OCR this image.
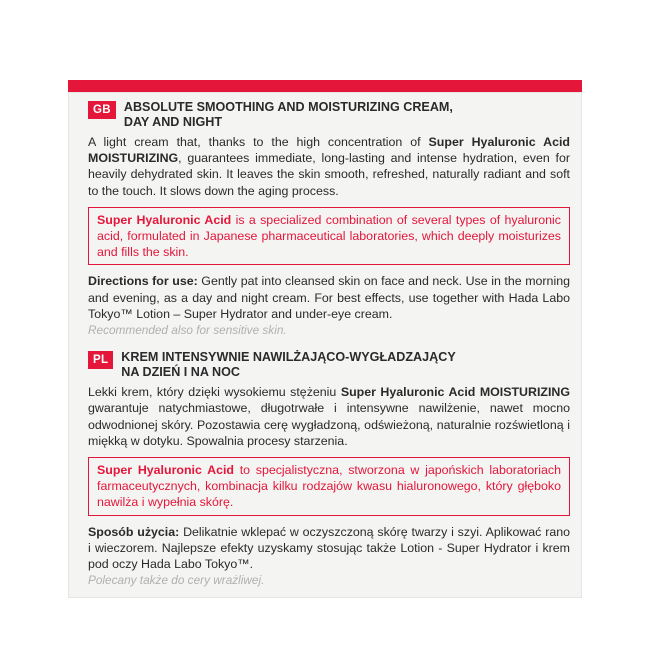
GB	ABSOLUTE SMOOTHING AND MOISTURIZING CREAM,
DAY AND NIGHT

A light cream that, thanks to the high concentration of Super Hyaluronic Acid MOISTURIZING, guarantees immediate, long-lasting and intense hydration, even for heavily dehydrated skin. It leaves the skin smooth, refreshed, naturally radiant and soft to the touch. It slows down the aging process.

Super Hyaluronic Acid is a specialized combination of several types of hyaluronic acid, formulated in Japanese pharmaceutical laboratories, which deeply moisturizes and fills the skin.

Directions for use: Gently pat into cleansed skin on face and neck. Use in the morning and evening, as a day and night cream. For best effects, use together with Hada Labo Tokyo™ Lotion – Super Hydrator and under-eye cream.
Recommended also for sensitive skin.

PL	KREM INTENSYWNIE NAWILŻAJĄCO-WYGŁADZAJĄCY
NA DZIEŃ I NA NOC

Lekki krem, który dzięki wysokiemu stężeniu Super Hyaluronic Acid MOISTURIZING gwarantuje natychmiastowe, długotrwałe i intensywne nawilżenie, nawet mocno odwodnionej skóry. Pozostawia cerę wygładzoną, odświeżoną, naturalnie rozświetloną i miękką w dotyku. Spowalnia procesy starzenia.

Super Hyaluronic Acid to specjalistyczna, stworzona w japońskich laboratoriach farmaceutycznych, kombinacja kilku rodzajów kwasu hialuronowego, który głęboko nawilża i wypełnia skórę.

Sposób użycia: Delikatnie wklepać w oczyszczoną skórę twarzy i szyi. Aplikować rano i wieczorem. Najlepsze efekty uzyskamy stosując także Lotion - Super Hydrator i krem pod oczy Hada Labo Tokyo™.
Polecany także do cery wrażliwej.
